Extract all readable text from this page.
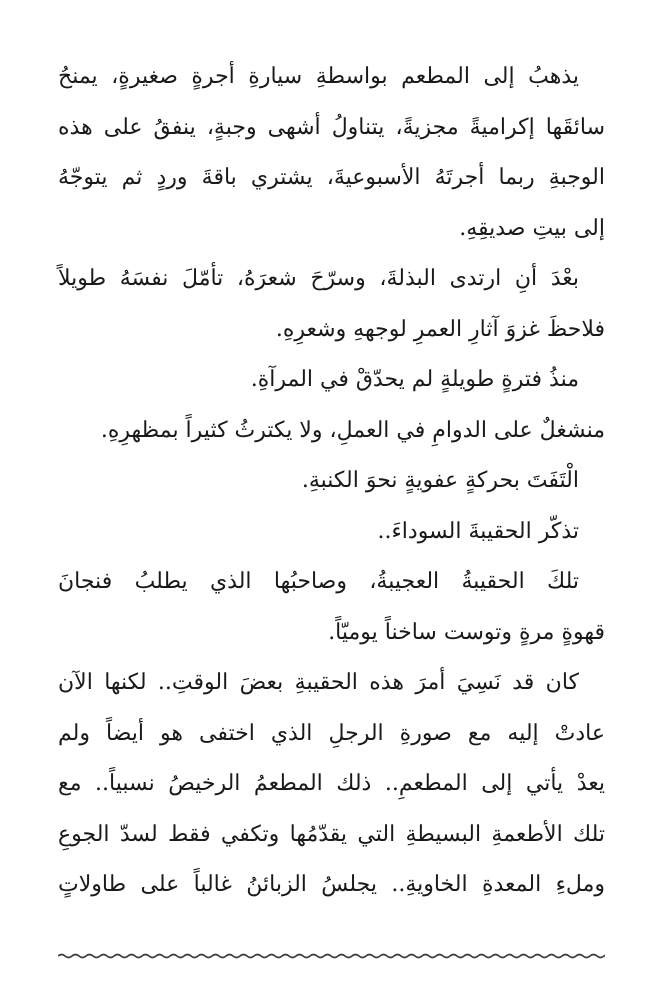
يذهبُ إلى المطعم بواسطةِ سيارةِ أجرةٍ صغيرةٍ، يمنحُ
سائقَها إكراميةً مجزيةً، يتناولُ أشهى وجبةٍ، ينفقُ على هذه
الوجبةِ ربما أجرتَهُ الأسبوعيةَ، يشتري باقةَ وردٍ ثم يتوجّهُ
إلى بيتِ صديقِهِ.
بعْدَ أنِ ارتدى البذلةَ، وسرّحَ شعرَهُ، تأمّلَ نفسَهُ طويلاً
فلاحظَ غزوَ آثارِ العمرِ لوجههِ وشعرِهِ.
منذُ فترةٍ طويلةٍ لم يحدّقْ في المرآةِ.
منشغلٌ على الدوامِ في العملِ، ولا يكترثُ كثيراً بمظهرِهِ.
الْتَفَتَ بحركةٍ عفويةٍ نحوَ الكنبةِ.
تذكّر الحقيبةَ السوداءَ..
تلكَ الحقيبةُ العجيبةُ، وصاحبُها الذي يطلبُ فنجانَ
قهوةٍ مرةٍ وتوست ساخناً يوميّاً.
كان قد نَسِيَ أمرَ هذه الحقيبةِ بعضَ الوقتِ.. لكنها الآن
عادتْ إليه مع صورةِ الرجلِ الذي اختفى هو أيضاً ولم
يعدْ يأتي إلى المطعمِ.. ذلك المطعمُ الرخيصُ نسبياً.. مع
تلك الأطعمةِ البسيطةِ التي يقدّمُها وتكفي فقط لسدّ الجوعِ
وملءِ المعدةِ الخاويةِ.. يجلسُ الزبائنُ غالباً على طاولاتٍ
